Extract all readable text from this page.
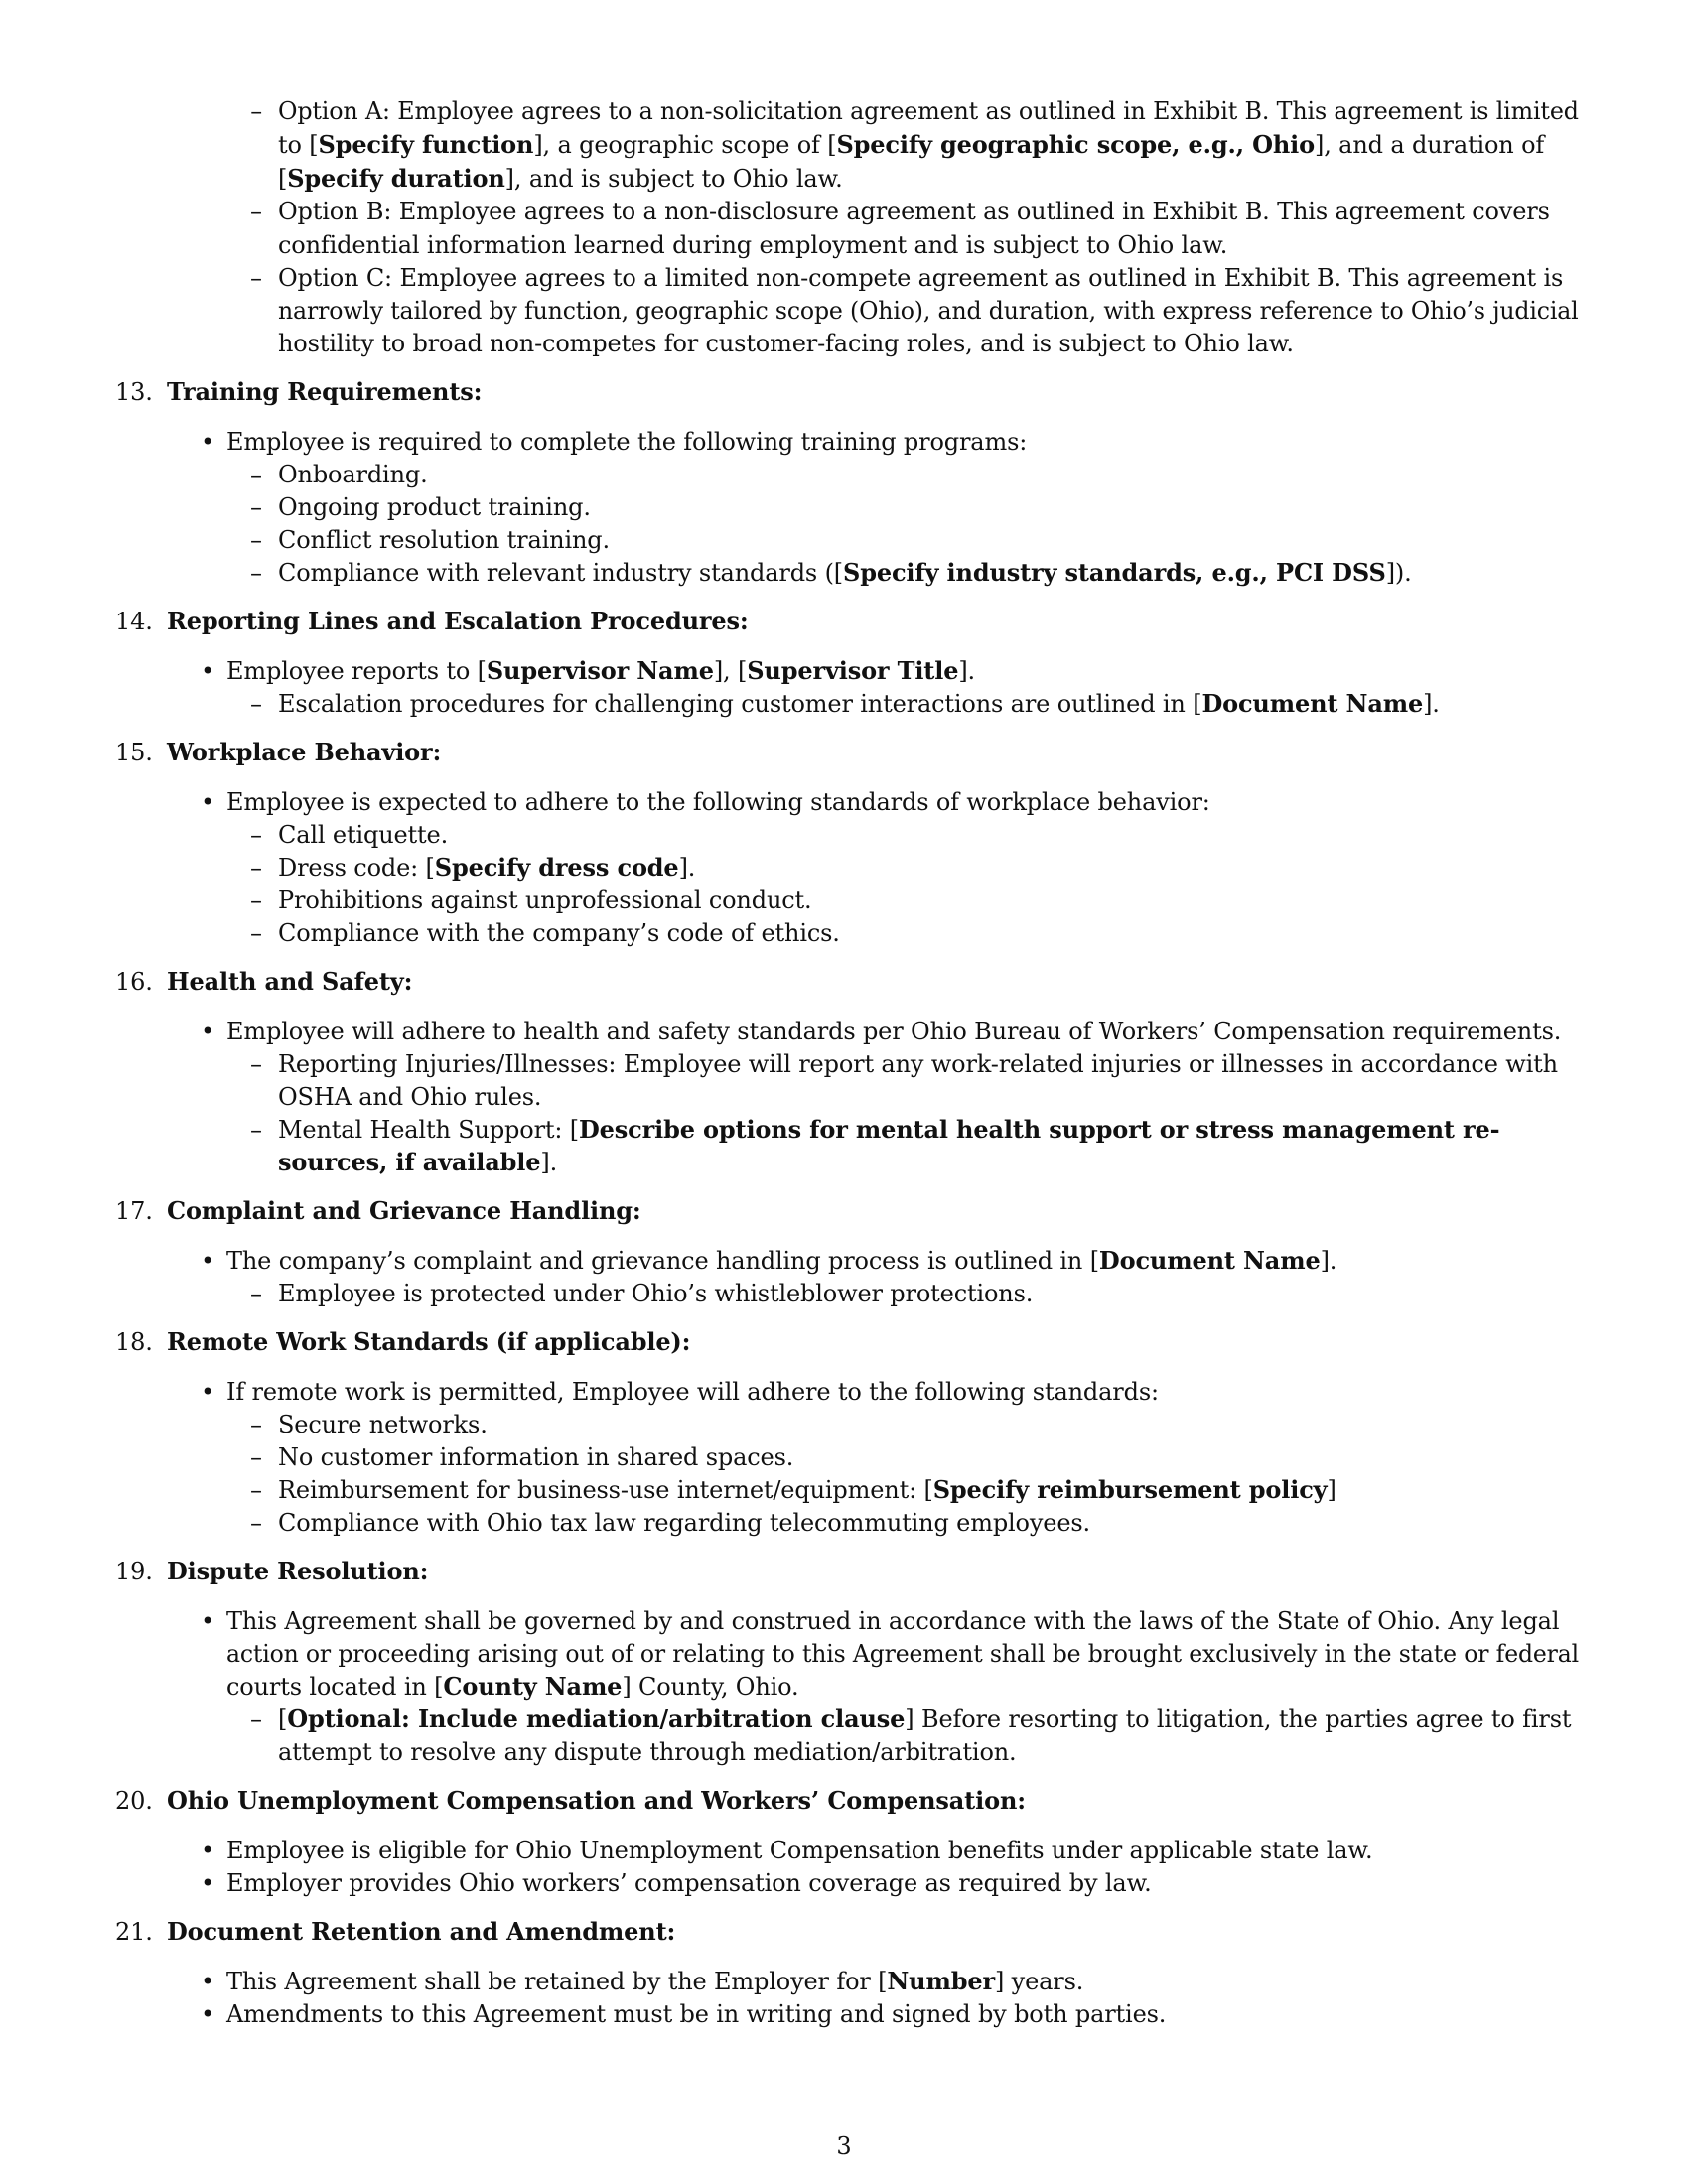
– Option A: Employee agrees to a non-solicitation agreement as outlined in Exhibit B. This agreement is limited
to [Specify function], a geographic scope of [Specify geographic scope, e.g., Ohio], and a duration of
[Specify duration], and is subject to Ohio law.
– Option B: Employee agrees to a non-disclosure agreement as outlined in Exhibit B. This agreement covers
confidential information learned during employment and is subject to Ohio law.
– Option C: Employee agrees to a limited non-compete agreement as outlined in Exhibit B. This agreement is
narrowly tailored by function, geographic scope (Ohio), and duration, with express reference to Ohio’s judicial
hostility to broad non-competes for customer-facing roles, and is subject to Ohio law.

13. Training Requirements:

• Employee is required to complete the following training programs:
– Onboarding.
– Ongoing product training.
– Conflict resolution training.
– Compliance with relevant industry standards ([Specify industry standards, e.g., PCI DSS]).

14. Reporting Lines and Escalation Procedures:

• Employee reports to [Supervisor Name], [Supervisor Title].
– Escalation procedures for challenging customer interactions are outlined in [Document Name].

15. Workplace Behavior:

• Employee is expected to adhere to the following standards of workplace behavior:
– Call etiquette.
– Dress code: [Specify dress code].
– Prohibitions against unprofessional conduct.
– Compliance with the company’s code of ethics.

16. Health and Safety:

• Employee will adhere to health and safety standards per Ohio Bureau of Workers’ Compensation requirements.
– Reporting Injuries/Illnesses: Employee will report any work-related injuries or illnesses in accordance with
OSHA and Ohio rules.
– Mental Health Support: [Describe options for mental health support or stress management re-
sources, if available].

17. Complaint and Grievance Handling:

• The company’s complaint and grievance handling process is outlined in [Document Name].
– Employee is protected under Ohio’s whistleblower protections.

18. Remote Work Standards (if applicable):

• If remote work is permitted, Employee will adhere to the following standards:
– Secure networks.
– No customer information in shared spaces.
– Reimbursement for business-use internet/equipment: [Specify reimbursement policy]
– Compliance with Ohio tax law regarding telecommuting employees.

19. Dispute Resolution:

• This Agreement shall be governed by and construed in accordance with the laws of the State of Ohio. Any legal
action or proceeding arising out of or relating to this Agreement shall be brought exclusively in the state or federal
courts located in [County Name] County, Ohio.
– [Optional: Include mediation/arbitration clause] Before resorting to litigation, the parties agree to first
attempt to resolve any dispute through mediation/arbitration.

20. Ohio Unemployment Compensation and Workers’ Compensation:

• Employee is eligible for Ohio Unemployment Compensation benefits under applicable state law.
• Employer provides Ohio workers’ compensation coverage as required by law.

21. Document Retention and Amendment:

• This Agreement shall be retained by the Employer for [Number] years.
• Amendments to this Agreement must be in writing and signed by both parties.
3
